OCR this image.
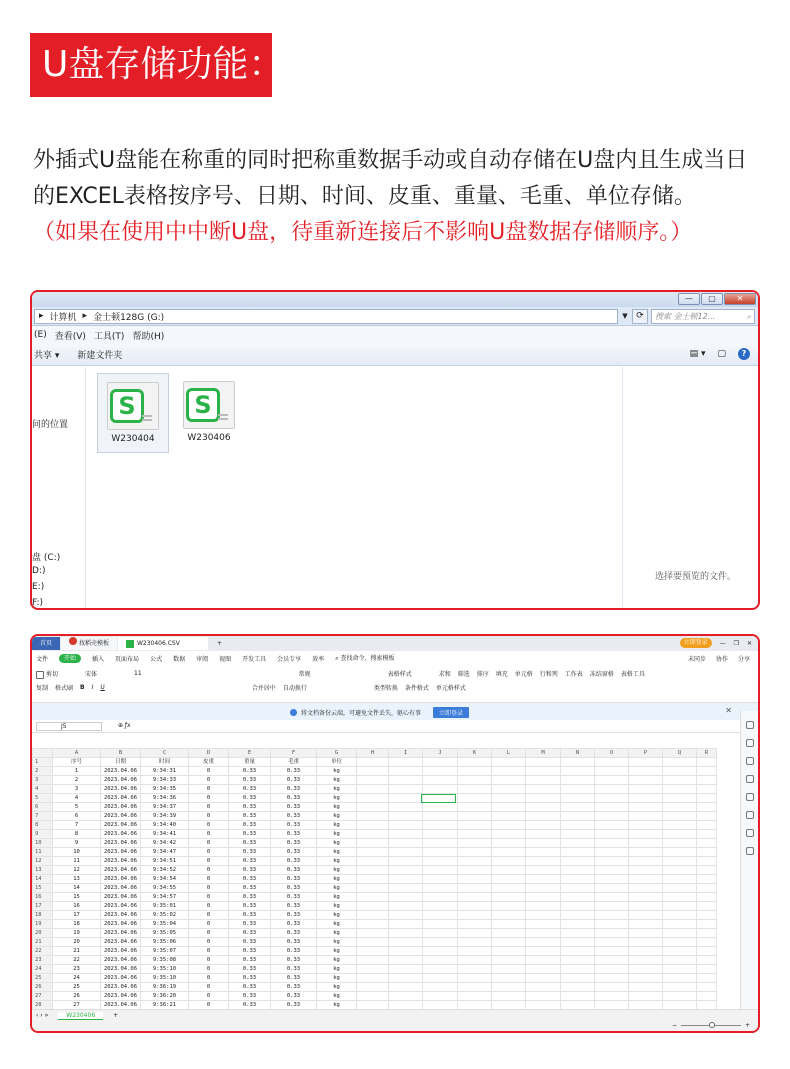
U盘存储功能：
外插式U盘能在称重的同时把称重数据手动或自动存储在U盘内且生成当日的EXCEL表格按序号、日期、时间、皮重、重量、毛重、单位存储。
（如果在使用中中断U盘，待重新连接后不影响U盘数据存储顺序。）
—	▢	✕
▸ 计算机 ▸ 金士顿128G (G:)	▼ ⟳	搜索 金士顿12...	⌕
(E) 查看(V) 工具(T) 帮助(H)
共享 ▾ 新建文件夹	▤ ▾ ▢	?
问的位置
盘 (C:)
D:)
E:)
F:)
S
W230404
S
W230406
选择要预览的文件。
首页	找稻壳模板	W230406.CSV	+	立即登录	— ❐ ✕
文件	开始	插入 页面布局 公式 数据 审阅 视图 开发工具 会员专享 效率 ⌕ 查找命令、搜索模板	未同步 协作 分享
剪切	宋体	11	常规	表格样式	求和 筛选 排序 填充 单元格 行和列 工作表 冻结窗格 表格工具
复制 格式刷 B I U	合并居中 自动换行	类型转换 条件格式 单元格样式
将文档备份云端，可避免文件丢失，驱心有事	立即登录	✕
J5	⊕ ƒx
	A	B	C	D	E	F	G	H	I	J	K	L	M	N	O	P	Q	R
1	序号	日期	时间	皮重	重量	毛重	单位											
2	1	2023.04.06	9:34:31	0	0.33	0.33	kg											
3	2	2023.04.06	9:34:33	0	0.33	0.33	kg											
4	3	2023.04.06	9:34:35	0	0.33	0.33	kg											
5	4	2023.04.06	9:34:36	0	0.33	0.33	kg											
6	5	2023.04.06	9:34:37	0	0.33	0.33	kg											
7	6	2023.04.06	9:34:39	0	0.33	0.33	kg											
8	7	2023.04.06	9:34:40	0	0.33	0.33	kg											
9	8	2023.04.06	9:34:41	0	0.33	0.33	kg											
10	9	2023.04.06	9:34:42	0	0.33	0.33	kg											
11	10	2023.04.06	9:34:47	0	0.33	0.33	kg											
12	11	2023.04.06	9:34:51	0	0.33	0.33	kg											
13	12	2023.04.06	9:34:52	0	0.33	0.33	kg											
14	13	2023.04.06	9:34:54	0	0.33	0.33	kg											
15	14	2023.04.06	9:34:55	0	0.33	0.33	kg											
16	15	2023.04.06	9:34:57	0	0.33	0.33	kg											
17	16	2023.04.06	9:35:01	0	0.33	0.33	kg											
18	17	2023.04.06	9:35:02	0	0.33	0.33	kg											
19	18	2023.04.06	9:35:04	0	0.33	0.33	kg											
20	19	2023.04.06	9:35:05	0	0.33	0.33	kg											
21	20	2023.04.06	9:35:06	0	0.33	0.33	kg											
22	21	2023.04.06	9:35:07	0	0.33	0.33	kg											
23	22	2023.04.06	9:35:08	0	0.33	0.33	kg											
24	23	2023.04.06	9:35:10	0	0.33	0.33	kg											
25	24	2023.04.06	9:35:10	0	0.33	0.33	kg											
26	25	2023.04.06	9:36:19	0	0.33	0.33	kg											
27	26	2023.04.06	9:36:20	0	0.33	0.33	kg											
28	27	2023.04.06	9:36:21	0	0.33	0.33	kg											
‹ › »	W230406	+
−	+
